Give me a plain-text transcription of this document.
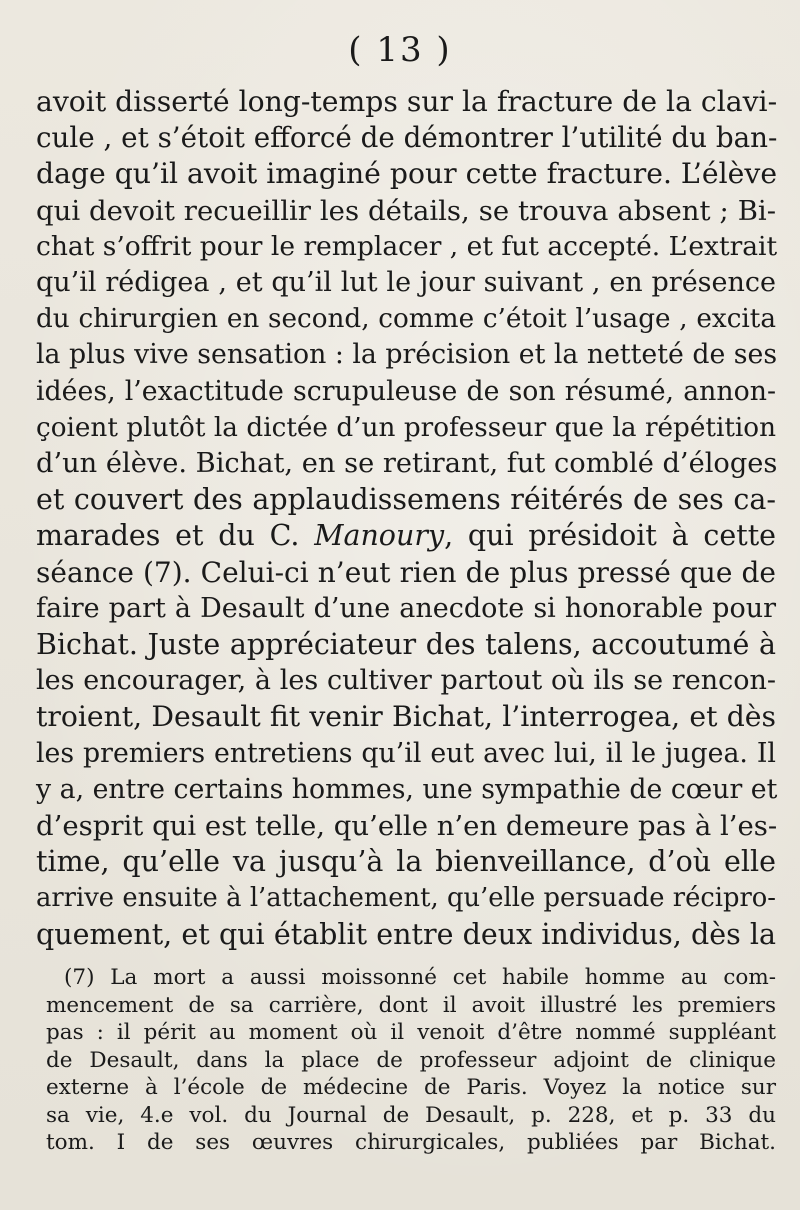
( 13 )
avoit disserté long-temps sur la fracture de la clavi-
cule , et s’étoit efforcé de démontrer l’utilité du ban-
dage qu’il avoit imaginé pour cette fracture. L’élève
qui devoit recueillir les détails, se trouva absent ; Bi-
chat s’offrit pour le remplacer , et fut accepté. L’extrait
qu’il rédigea , et qu’il lut le jour suivant , en présence
du chirurgien en second, comme c’étoit l’usage , excita
la plus vive sensation : la précision et la netteté de ses
idées, l’exactitude scrupuleuse de son résumé, annon-
çoient plutôt la dictée d’un professeur que la répétition
d’un élève. Bichat, en se retirant, fut comblé d’éloges
et couvert des applaudissemens réitérés de ses ca-
marades et du C. Manoury, qui présidoit à cette
séance (7). Celui-ci n’eut rien de plus pressé que de
faire part à Desault d’une anecdote si honorable pour
Bichat. Juste appréciateur des talens, accoutumé à
les encourager, à les cultiver partout où ils se rencon-
troient, Desault fit venir Bichat, l’interrogea, et dès
les premiers entretiens qu’il eut avec lui, il le jugea. Il
y a, entre certains hommes, une sympathie de cœur et
d’esprit qui est telle, qu’elle n’en demeure pas à l’es-
time, qu’elle va jusqu’à la bienveillance, d’où elle
arrive ensuite à l’attachement, qu’elle persuade récipro-
quement, et qui établit entre deux individus, dès la
(7) La mort a aussi moissonné cet habile homme au com-
mencement de sa carrière, dont il avoit illustré les premiers
pas : il périt au moment où il venoit d’être nommé suppléant
de Desault, dans la place de professeur adjoint de clinique
externe à l’école de médecine de Paris. Voyez la notice sur
sa vie, 4.e vol. du Journal de Desault, p. 228, et p. 33 du
tom. I de ses œuvres chirurgicales, publiées par Bichat.
